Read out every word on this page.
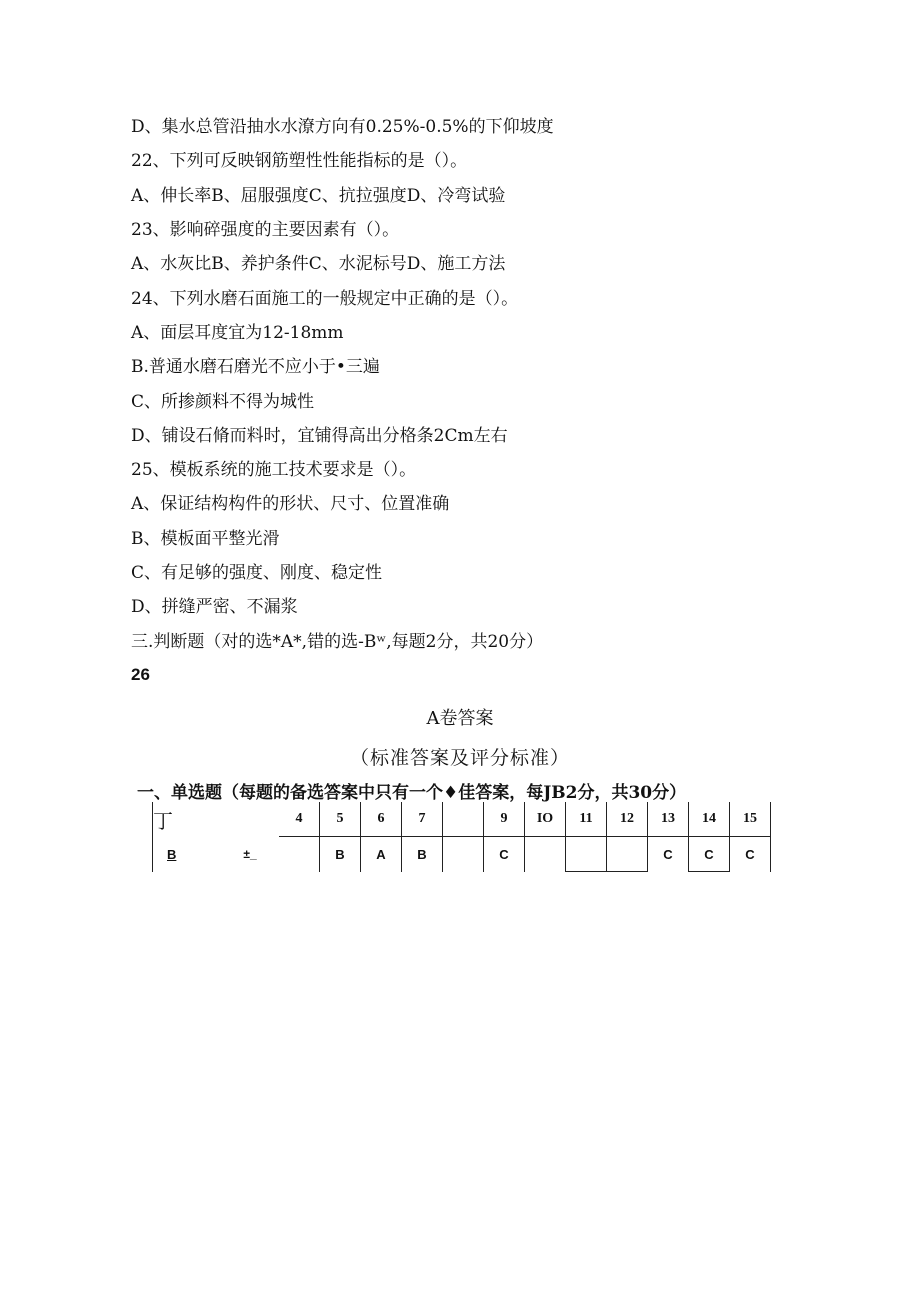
D、集水总管沿抽水水潦方向有0.25%-0.5%的下仰坡度
22、下列可反映钢筋塑性性能指标的是（）。
A、伸长率B、屈服强度C、抗拉强度D、冷弯试验
23、影响碎强度的主要因素有（）。
A、水灰比B、养护条件C、水泥标号D、施工方法
24、下列水磨石面施工的一般规定中正确的是（）。
A、面层耳度宜为12-18mm
B.普通水磨石磨光不应小于•三遍
C、所掺颜料不得为城性
D、铺设石脩而料时，宜铺得高出分格条2Cm左右
25、模板系统的施工技术要求是（）。
A、保证结构构件的形状、尺寸、位置准确
B、模板面平整光滑
C、有足够的强度、刚度、稳定性
D、拼缝严密、不漏浆
三.判断题（对的选*A*,错的选-Bʷ,每题2分，共20分）
26
A卷答案
（标准答案及评分标准）
一、单选题（每题的备选答案中只有一个♦佳答案，每JB2分，共30分）
丁		4	5	6	7		9	IO	11	12	13	14	15
B	±_		B	A	B		C				C	C	C
